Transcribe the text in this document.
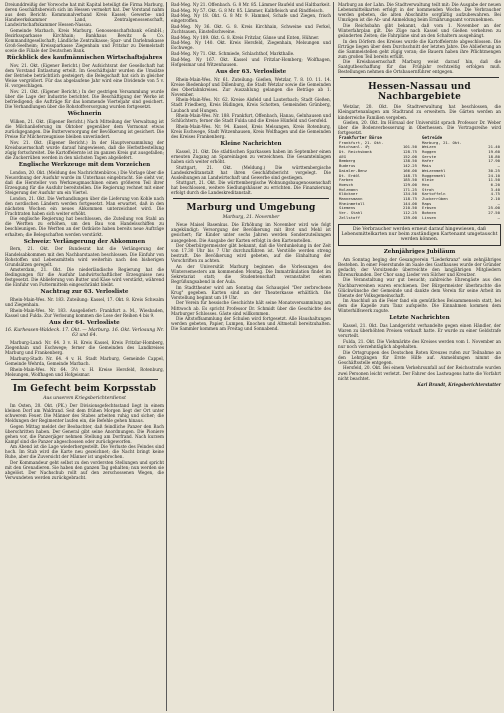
Dreiunddreißig der Vorwoche hat mit Kapital beteiligt die Firma Marburg, deren Geschäftsbereich sich im Hessen vermehrt hat. Der Vorstand nahm aus dem Bericht: Kommunalverband Kreis Kassel; Gewerbe- und Handwerkskammer Land, Zentralgenossenschaft, Landwirtschaftskammer Hessen-Nassau.

Gemeinde Marbach, Kreis Marburg. Genossenschaftsbank eGmbH.; Bezirkssparkasse Kirchhain; Bankhaus Bewitz & Co. Kommanditgesellschaft; Ländliche Zentralkasse; Spar- und Darlehnskasse Groß-Seelheim; Kreissparkasse Ziegenhain und Fritzlar zu Diemelstadt sowie die Filiale der Deutschen Bank.

Rückblick des kaufmännischen Wirtschaftsjahres

Nov. 21. Okt. (Eigener Bericht.) Der Aufsichtsrat der Gesellschaft hat dem Vorstand Entlastung erteilt. Im Geschäftsjahr wurden die Umsätze der Betriebe beträchtlich gesteigert; die Belegschaft hat sich in gleicher Weise vergrößert. Für das abgelaufene Jahr wird eine Dividende von 5 v. H. vorgeschlagen.

Nov. 21. Okt. (Eigener Bericht.) In der gestrigen Versammlung wurde über die Lage der Industrie berichtet. Die Beschäftigung der Werke ist befriedigend; die Aufträge für das kommende Vierteljahr sind gesichert. Die Verhandlungen über die Rohstoffversorgung wurden fortgesetzt.

Wöchnerin

Wilken, 21. Okt. (Eigener Bericht.) Nach Mitteilung der Verwaltung ist die Milchanlieferung im Oktober gegenüber dem Vormonat etwas zurückgegangen. Die Butterversorgung der Bevölkerung ist gesichert. Die Preise für Milcherzeugnisse bleiben unverändert.

Nov. 21. Okt. (Eigener Bericht.) In der Hauptversammlung der Kreisbauernschaft wurde darauf hingewiesen, daß die Herbstbestellung zügig fortschreitet. Die Kartoffelernte ist im ganzen Kreis gut ausgefallen; die Zuckerrüben werden in den nächsten Tagen abgeliefert.

Englische Werkzeuge mit dem Vorzeichen

London, 20. Okt. (Meldung des Nachrichtenbüros.) Die Vorlage über die Neuordnung der Ausfuhr wurde im Unterhaus eingebracht. Sie sieht vor, daß die Hersteller von Werkzeugmaschinen einen größeren Teil ihrer Erzeugung für die Ausfuhr bereitstellen. Die Regierung rechnet mit einer Steigerung der Ausfuhr um ein Viertel.

London, 21. Okt. Die Verhandlungen über die Lieferung von Kohle nach den nordischen Ländern werden fortgesetzt. Man erwartet, daß in den nächsten Wochen ein neues Abkommen unterzeichnet wird. Die Frachtraten haben sich weiter erhöht.

Die englische Regierung hat beschlossen, die Zuteilung von Stahl an die Werften zu erhöhen, um den Bau von Handelsschiffen zu beschleunigen. Die Werften an der Ostküste haben bereits neue Aufträge erhalten; die Belegschaften werden verstärkt.

Schweiz: Verlängerung der Abkommen

Bern, 21. Okt. Der Bundesrat hat die Verlängerung der Handelsabkommen mit den Nachbarstaaten beschlossen. Die Einfuhr von Rohstoffen und Lebensmitteln wird weiterhin nach den bisherigen Grundsätzen geregelt.

Amsterdam, 21. Okt. Die niederländische Regierung hat die Bedingungen für die Ausfuhr landwirtschaftlicher Erzeugnisse neu festgesetzt. Die Ablieferung von Butter und Käse wird verstärkt, während die Einfuhr von Futtermitteln eingeschränkt bleibt.

Nachtrag zur 63. Verlosliste

Rhein-Main-Wes. Nr. 183. Zuteilung: Kassel, 17. Okt. 8. Kreis Schwalm und Ziegenhain.

Rhein-Main-Wes. Nr. 183. Ausgeliefert: Frankfurt a. M., Wiesbaden, Kassel und Fulda. Zur Verlosung kommen die Lose der Reihen 4 bis 9.

Aus der 64. Verlosliste
16. Kurhessen-Waldeck. 17. Okt. — Marburg. 16. Okt. Verlosung Nr. 63 und 64.

Marburg-Land: Nr. 64. 3 v. H. Kreis Kassel, Kreis Fritzlar-Homberg, Ziegenhain und Eschwege; ferner die Gemeinden des Landkreises Marburg und Frankenberg.

Marburg-Stadt: Nr. 64. 4 v. H. Stadt Marburg, Gemeinde Cappel, Gemeinde Wehrda, Gemeinde Marbach.

Rhein-Main-Wes. Nr. 64. 3½ v. H. Kreise Hersfeld, Rotenburg, Melsungen, Wolfhagen und Hofgeismar.

Im Gefecht beim Korpsstab
Aus unserem Kriegsberichterdienst

Im Osten, 20. Okt. (PK.) Der Divisionsgefechtsstand liegt in einem kleinen Dorf am Waldrand. Seit dem frühen Morgen liegt der Ort unter schwerem Feuer. Die Männer des Stabes arbeiten ruhig und sicher; die Meldungen der Regimenter laufen ein, die Befehle gehen hinaus.

Gegen Mittag meldet der Beobachter, daß feindliche Panzer den Bach überschritten haben. Der General gibt seine Anordnungen. Die Pioniere gehen vor, die Panzerjäger nehmen Stellung am Dorfrand. Nach kurzem Kampf sind die Panzer abgeschossen oder zurückgeworfen.

Am Abend ist die Lage wiederhergestellt. Die Verluste des Feindes sind hoch. Im Stab wird die Karte neu gezeichnet; die Nacht bringt keine Ruhe, aber die Zuversicht der Männer ist ungebrochen.

Der Kommandeur geht selbst zu den vordersten Stellungen und spricht mit den Grenadieren. Sie haben den ganzen Tag gehalten; nun werden sie abgelöst. Der Nachschub rollt auf den zerschossenen Wegen, die Verwundeten werden zurückgebracht.

Bad-Meg. Ny 21. Offenbach. G. 8 Mr. 85. Lämmer Baufeld und Haltbarkeit.

Bad-Meg. Ny 57. Okt. G. 8 Mr. 85. Lämmer, Kalbfleisch und Rindfleisch.

Bad-Meg. Ny 18. Okt. G. 8 Mr. 9. Hammel, Schafe und Ziegen, frisch eingetroffen.

Bad-Meg. Ny 36. Okt. G. 8. Kreis Kirchhain, Schweine und Ferkel, Zuchtsauen, Einstellschweine.

Bad-Meg. Ny 189. Okt. G. 8. Kreis Fritzlar, Gänse und Enten, Hühner.

Bad-Meg. Ny 140. Okt. Kreis Hersfeld, Ziegenhain, Melsungen und Eschwege.

Bad-Meg. Ny 71. Okt. Schmiede, Schlachthof, Markthalle.

Bad-Meg. Ny 167. Okt. Kassel und Fritzlar-Homberg; Wolfhagen, Hofgeismar und Witzenhausen.

Aus der 63. Verlosliste

Rhein-Main-Wes. Nr. 61. Zuteilung: Gießen, Wetzlar, 7. 8. 10. 11. 14. Kreise Biedenkopf und Dillenburg, die Stadt Wetzlar sowie die Gemeinden des Oberlahnkreises. Zur Auszahlung gelangen die Beträge ab 1. November.

Rhein-Main-Wes. Nr. 62. Kreise Alsfeld und Lauterbach; Stadt Gießen, Stadt Friedberg, Kreis Büdingen, Kreis Schotten, Gemeinden Grünberg, Laubach und Hungen.

Rhein-Main-Wes. Nr. 188. Frankfurt, Offenbach, Hanau, Gelnhausen und Schlüchtern; ferner die Stadt Fulda und die Kreise Hünfeld und Gersfeld.

Rhein-Main-Wes. Nr. 94. Kassel, Kreis Melsungen, Kreis Rotenburg, Kreis Eschwege, Stadt Witzenhausen, Kreis Wolfhagen und die Gemeinden des Kreises Frankenberg.

Kleine Nachrichten

Kassel, 21. Okt. Die städtischen Sparkassen haben im September einen erneuten Zugang an Spareinlagen zu verzeichnen. Die Gesamteinlagen haben sich weiter erhöht.

Stuttgart, 21. Okt. (Meldung.) Die württembergische Landeskreditanstalt hat ihren Geschäftsbericht vorgelegt. Die Ausleihungen an Landwirtschaft und Gewerbe sind gestiegen.

Stuttgart, 21. Okt. Die württembergische Wohnungsbaugenossenschaft hat beschlossen, weitere Siedlungshäuser zu errichten. Die Finanzierung erfolgt durch die Landeskreditanstalt.

Marburg und Umgebung
Marburg, 21. November

Neue Maisel Basenkus. Die Erhöhung im November wird wie folgt angekündigt: Versorgung der Bevölkerung mit Brot und Mehl ist gesichert; für Kinder unter sechs Jahren werden Sonderzuteilungen ausgegeben. Die Ausgabe der Karten erfolgt in den Kartenstellen.

Der Oberbürgermeister gibt bekannt, daß die Verdunkelung in der Zeit von 17.30 Uhr bis 7 Uhr durchzuführen ist. Verstöße werden streng bestraft. Die Bevölkerung wird gebeten, auf die Einhaltung der Vorschriften zu achten.

An der Universität Marburg beginnen die Vorlesungen des Wintersemesters am kommenden Montag. Die Immatrikulation findet im Sekretariat statt; die Studentenschaft veranstaltet einen Begrüßungsabend in der Aula.

Im Stadttheater wird am Sonntag das Schauspiel "Der zerbrochene Krug" gegeben. Karten sind an der Theaterkasse erhältlich. Die Vorstellung beginnt um 19 Uhr.

Der Verein für hessische Geschichte hält seine Monatsversammlung am Mittwoch ab. Es spricht Professor Dr. Schmidt über die Geschichte des Marburger Schlosses. Gäste sind willkommen.

Die Altstoffsammlung der Schulen wird fortgesetzt. Alle Haushaltungen werden gebeten, Papier, Lumpen, Knochen und Altmetall bereitzuhalten. Die Sammler kommen am Freitag und Sonnabend.

Marburg an der Lahn. Die Stadtverwaltung teilt mit: Die Ausgabe der neuen Lebensmittelkarten erfolgt in der kommenden Woche. Die Verbraucher werden gebeten, die alten Abschnitte sorgfältig aufzubewahren. Bei Umzügen ist die Ab- und Anmeldung beim Ernährungsamt vorzunehmen.

Die Reichsbahn gibt bekannt, daß vom 1. November an der Winterfahrplan gilt. Die Züge nach Kassel und Gießen verkehren zu geänderten Zeiten; die Fahrpläne sind an den Schaltern ausgehängt.

In den Dörfern des Kreises wurde die Kartoffelernte abgeschlossen. Die Erträge liegen über dem Durchschnitt der letzten Jahre. Die Ablieferung an die Sammelstellen geht zügig voran; die Bauern haben ihre Pflichtmengen zum großen Teil bereits erfüllt.

Die Kreisbauernschaft Marburg weist darauf hin, daß die Saatgutbeschaffung für das Frühjahr rechtzeitig erfolgen muß. Bestellungen nehmen die Ortsbauernführer entgegen.

Hessen-Nassau und Nachbargebiete

Wetzlar, 20. Okt. Die Stadtverwaltung hat beschlossen, die Kleingartenanlagen am Stadtrand zu erweitern. Die Gärten werden an kinderreiche Familien vergeben.

Gießen, 20. Okt. Im Hörsaal der Universität sprach Professor Dr. Weber über die Bodenverbesserung in Oberhessen. Die Vortragsreihe wird fortgesetzt.

Frankfurter Börse	
Frankfurt, 21. Okt.	
Reichsanl. 4½	101.50
Dt. Reichsbank	128.75
AEG	152.00
Bemberg	138.50
Buderus	142.25
Daimler-Benz	166.00
Dt. Erdöl	148.75
Farben	185.50
Hoesch	129.00
Holzmann	171.25
Klöckner	134.50
Mannesmann	118.75
Rheinmetall	144.00
Siemens	210.50
Ver. Stahl	112.25
Zellstoff	139.00
Getreide	
Marburg, 21. Okt.	
Weizen	21.40
Roggen	19.60
Gerste	18.80
Hafer	17.90
Mais	—
Weizenmehl	30.25
Roggenmehl	24.10
Kleie	11.50
Heu	6.20
Stroh	3.40
Kartoffeln	4.75
Zuckerrüben	2.10
Raps	—
Erbsen	25.00
Bohnen	27.50
Linsen	—
Die Verbraucher werden erneut darauf hingewiesen, daß Lebensmittelkarten nur beim zuständigen Kartenamt umgetauscht werden können.
Zehnjähriges Jubiläum

Am Sonntag beging der Gesangverein "Liederkranz" sein zehnjähriges Bestehen. In einer Feierstunde im Saale des Gasthauses wurde der Gründer gedacht; der Vorsitzende überreichte den langjährigen Mitgliedern Ehrenurkunden. Der Chor sang Lieder von Silcher und Kreutzer.

Die Veranstaltung war gut besucht; zahlreiche Ehrengäste aus den Nachbarvereinen waren erschienen. Der Bürgermeister überbrachte die Glückwünsche der Gemeinde und dankte dem Verein für seine Arbeit im Dienste der Volksgemeinschaft.

Im Anschluß an die Feier fand ein gemütliches Beisammensein statt, bei dem die Kapelle zum Tanz aufspielte. Die Einnahmen kommen dem Winterhilfswerk zugute.

Letzte Nachrichten

Kassel, 21. Okt. Das Landgericht verhandelte gegen einen Händler, der Waren zu überhöhten Preisen verkauft hatte. Er wurde zu einer Geldstrafe verurteilt.

Fulda, 21. Okt. Die Viehmärkte des Kreises werden vom 1. November an nur noch vierzehntäglich abgehalten.

Die Ortsgruppen des Deutschen Roten Kreuzes rufen zur Teilnahme an den Lehrgängen für Erste Hilfe auf. Anmeldungen nimmt die Geschäftsstelle entgegen.

Hersfeld, 20. Okt. Bei einem Verkehrsunfall auf der Reichsstraße wurden zwei Personen leicht verletzt. Der Fahrer des Lastwagens hatte die Vorfahrt nicht beachtet.

Karl Brandt, Kriegsberichterstatter
